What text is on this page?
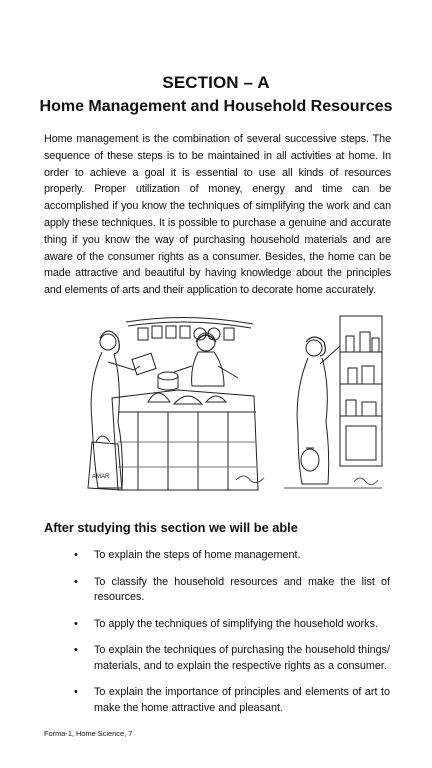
SECTION – A
Home Management and Household Resources

Home management is the combination of several successive steps. The sequence of these steps is to be maintained in all activities at home. In order to achieve a goal it is essential to use all kinds of resources properly. Proper utilization of money, energy and time can be accomplished if you know the techniques of simplifying the work and can apply these techniques. It is possible to purchase a genuine and accurate thing if you know the way of purchasing household materials and are aware of the consumer rights as a consumer. Besides, the home can be made attractive and beautiful by having knowledge about the principles and elements of arts and their application to decorate home accurately.

AMAR
After studying this section we will be able
• To explain the steps of home management.
• To classify the household resources and make the list of resources.
• To apply the techniques of simplifying the household works.
• To explain the techniques of purchasing the household things/ materials, and to explain the respective rights as a consumer.
• To explain the importance of principles and elements of art to make the home attractive and pleasant.
Forma-1, Home Science, 7
